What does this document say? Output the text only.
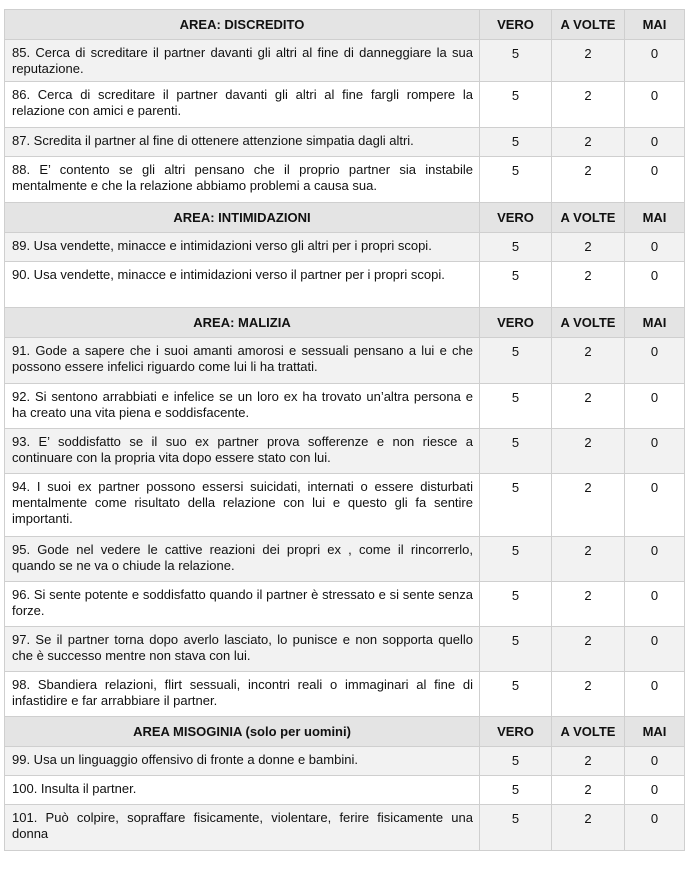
AREA: DISCREDITO	VERO	A VOLTE	MAI
85. Cerca di screditare il partner davanti gli altri al fine di danneggiare la sua reputazione.	5	2	0
86. Cerca di screditare il partner davanti gli altri al fine fargli rompere la relazione con amici e parenti.	5	2	0
87. Scredita il partner al fine di ottenere attenzione simpatia dagli altri.	5	2	0
88. E’ contento se gli altri pensano che il proprio partner sia instabile mentalmente e che la relazione abbiamo problemi a causa sua.	5	2	0
AREA: INTIMIDAZIONI	VERO	A VOLTE	MAI
89. Usa vendette, minacce e intimidazioni verso gli altri per i propri scopi.	5	2	0
90. Usa vendette, minacce e intimidazioni verso il partner per i propri scopi.	5	2	0
AREA: MALIZIA	VERO	A VOLTE	MAI
91. Gode a sapere che i suoi amanti amorosi e sessuali pensano a lui e che possono essere infelici riguardo come lui li ha trattati.	5	2	0
92. Si sentono arrabbiati e infelice se un loro ex ha trovato un’altra persona e ha creato una vita piena e soddisfacente.	5	2	0
93. E’ soddisfatto se il suo ex partner prova sofferenze e non riesce a continuare con la propria vita dopo essere stato con lui.	5	2	0
94. I suoi ex partner possono essersi suicidati, internati o essere disturbati mentalmente come risultato della relazione con lui e questo gli fa sentire importanti.	5	2	0
95. Gode nel vedere le cattive reazioni dei propri ex , come il rincorrerlo, quando se ne va o chiude la relazione.	5	2	0
96. Si sente potente e soddisfatto quando il partner è stressato e si sente senza forze.	5	2	0
97. Se il partner torna dopo averlo lasciato, lo punisce e non sopporta quello che è successo mentre non stava con lui.	5	2	0
98. Sbandiera relazioni, flirt sessuali, incontri reali o immaginari al fine di infastidire e far arrabbiare il partner.	5	2	0
AREA MISOGINIA (solo per uomini)	VERO	A VOLTE	MAI
99. Usa un linguaggio offensivo di fronte a donne e bambini.	5	2	0
100. Insulta il partner.	5	2	0
101. Può colpire, sopraffare fisicamente, violentare, ferire fisicamente una donna	5	2	0
